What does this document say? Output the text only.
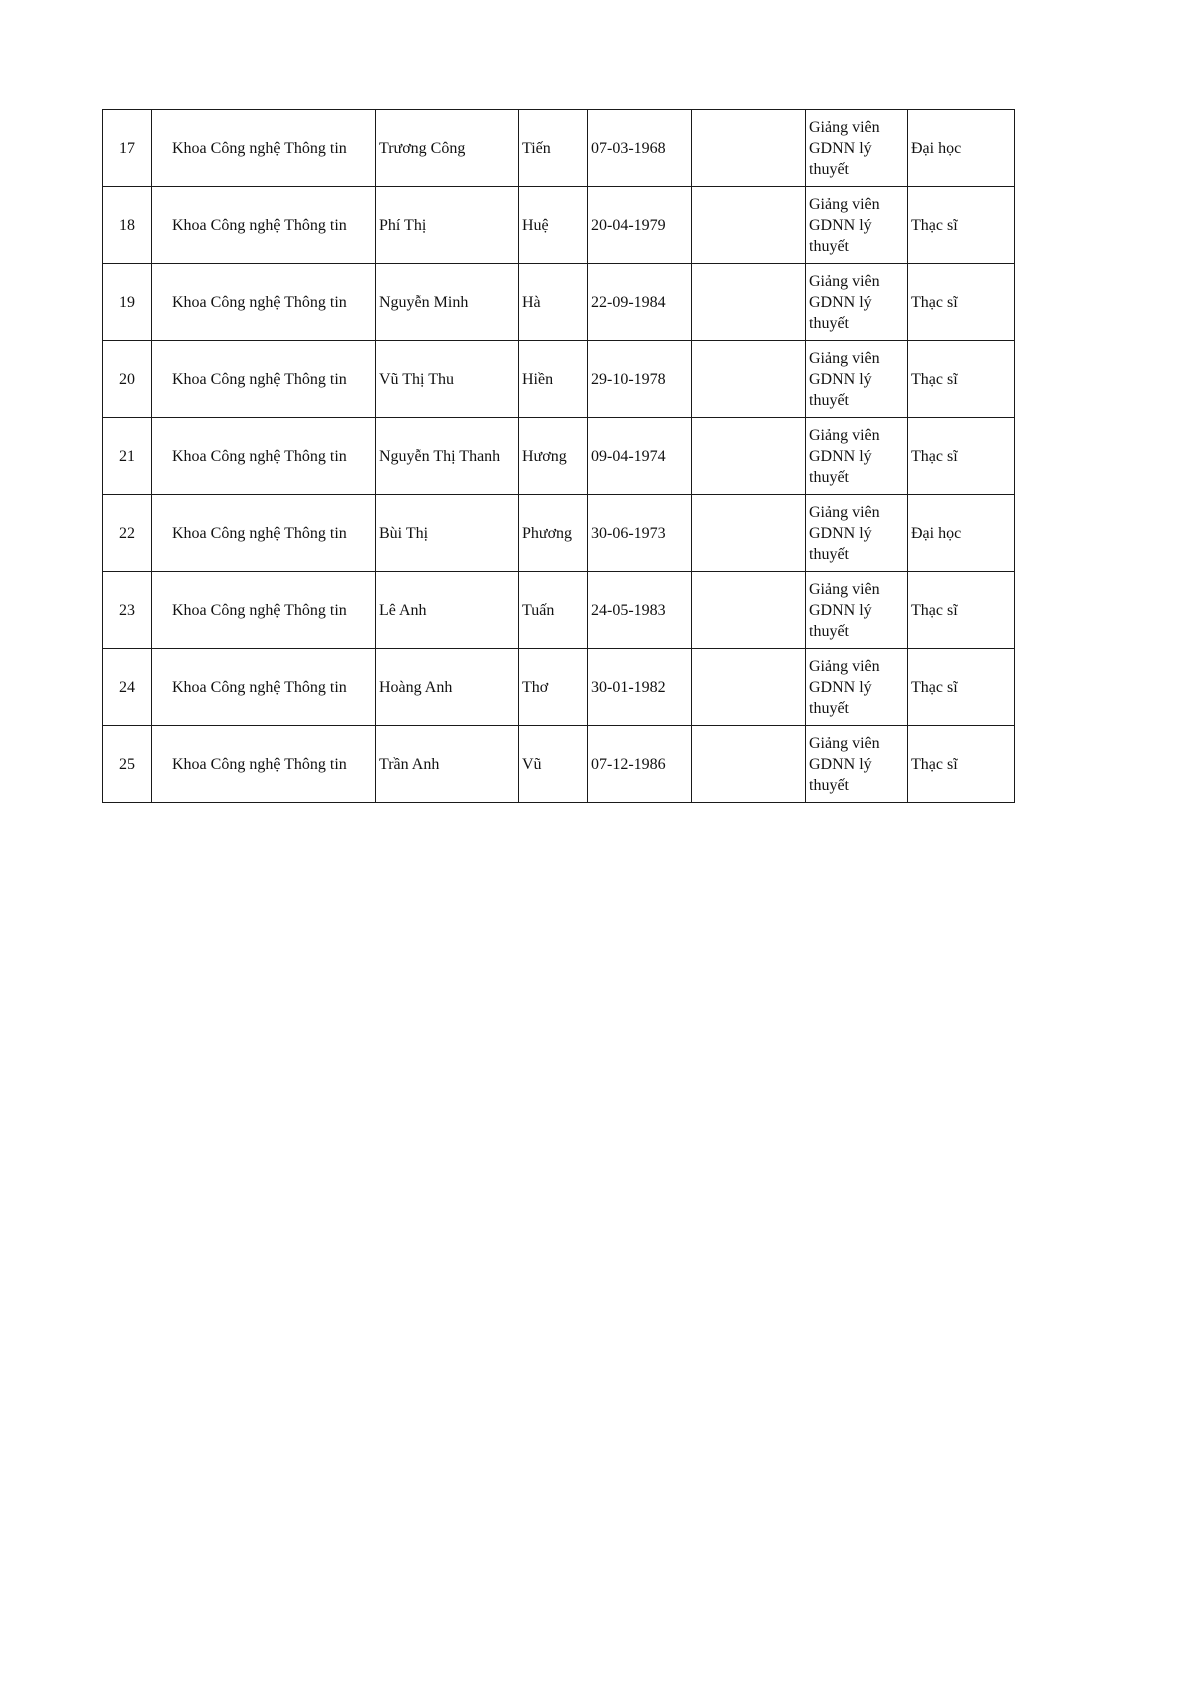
17	Khoa Công nghệ Thông tin	Trương Công	Tiến	07-03-1968		Giảng viên GDNN lý thuyết	Đại học
18	Khoa Công nghệ Thông tin	Phí Thị	Huệ	20-04-1979		Giảng viên GDNN lý thuyết	Thạc sĩ
19	Khoa Công nghệ Thông tin	Nguyễn Minh	Hà	22-09-1984		Giảng viên GDNN lý thuyết	Thạc sĩ
20	Khoa Công nghệ Thông tin	Vũ Thị Thu	Hiền	29-10-1978		Giảng viên GDNN lý thuyết	Thạc sĩ
21	Khoa Công nghệ Thông tin	Nguyễn Thị Thanh	Hương	09-04-1974		Giảng viên GDNN lý thuyết	Thạc sĩ
22	Khoa Công nghệ Thông tin	Bùi Thị	Phương	30-06-1973		Giảng viên GDNN lý thuyết	Đại học
23	Khoa Công nghệ Thông tin	Lê Anh	Tuấn	24-05-1983		Giảng viên GDNN lý thuyết	Thạc sĩ
24	Khoa Công nghệ Thông tin	Hoàng Anh	Thơ	30-01-1982		Giảng viên GDNN lý thuyết	Thạc sĩ
25	Khoa Công nghệ Thông tin	Trần Anh	Vũ	07-12-1986		Giảng viên GDNN lý thuyết	Thạc sĩ
